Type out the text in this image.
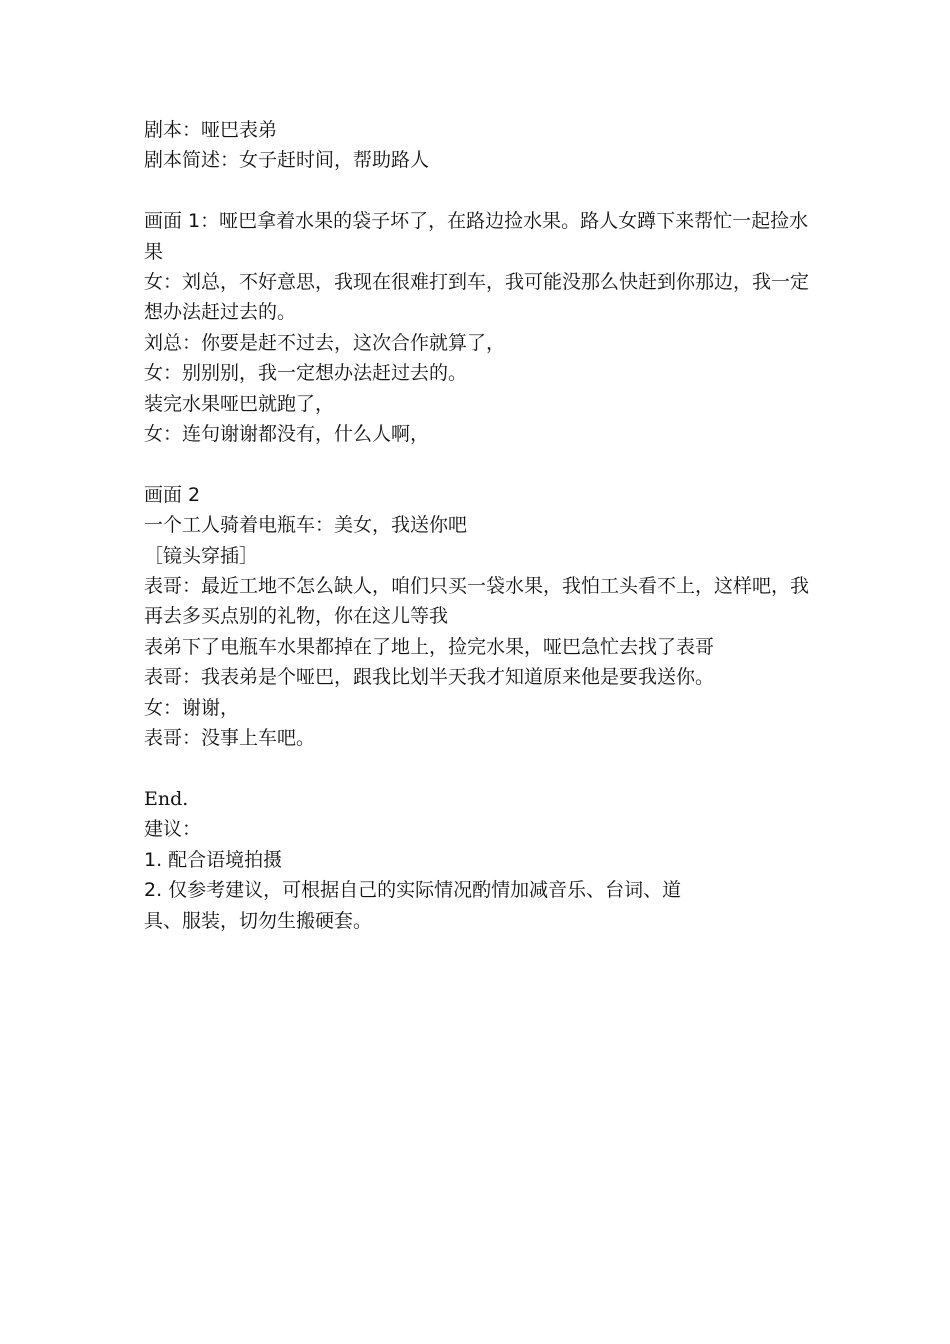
剧本：哑巴表弟

剧本简述：女子赶时间，帮助路人

画面 1：哑巴拿着水果的袋子坏了，在路边捡水果。路人女蹲下来帮忙一起捡水果

女：刘总，不好意思，我现在很难打到车，我可能没那么快赶到你那边，我一定想办法赶过去的。

刘总：你要是赶不过去，这次合作就算了，

女：别别别，我一定想办法赶过去的。

装完水果哑巴就跑了，

女：连句谢谢都没有，什么人啊，

画面 2

一个工人骑着电瓶车：美女，我送你吧

［镜头穿插］

表哥：最近工地不怎么缺人，咱们只买一袋水果，我怕工头看不上，这样吧，我再去多买点别的礼物，你在这儿等我

表弟下了电瓶车水果都掉在了地上，捡完水果，哑巴急忙去找了表哥

表哥：我表弟是个哑巴，跟我比划半天我才知道原来他是要我送你。

女：谢谢，

表哥：没事上车吧。

End.

建议：

1. 配合语境拍摄

2. 仅参考建议，可根据自己的实际情况酌情加减音乐、台词、道

具、服装，切勿生搬硬套。
